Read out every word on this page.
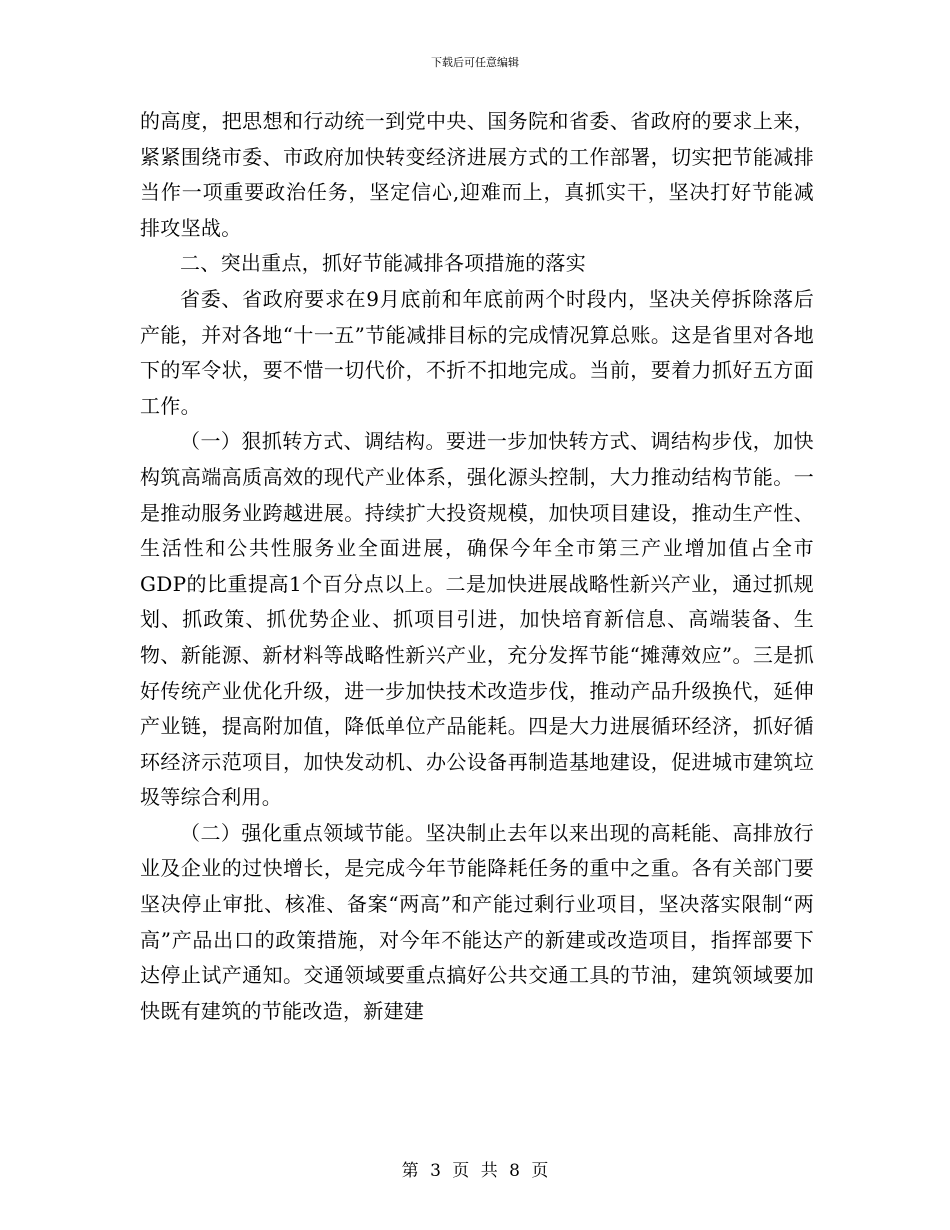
下载后可任意编辑

的高度，把思想和行动统一到党中央、国务院和省委、省政府的要求上来，紧紧围绕市委、市政府加快转变经济进展方式的工作部署，切实把节能减排当作一项重要政治任务，坚定信心,迎难而上，真抓实干，坚决打好节能减排攻坚战。

二、突出重点，抓好节能减排各项措施的落实

省委、省政府要求在9月底前和年底前两个时段内，坚决关停拆除落后产能，并对各地“十一五”节能减排目标的完成情况算总账。这是省里对各地下的军令状，要不惜一切代价，不折不扣地完成。当前，要着力抓好五方面工作。

（一）狠抓转方式、调结构。要进一步加快转方式、调结构步伐，加快构筑高端高质高效的现代产业体系，强化源头控制，大力推动结构节能。一是推动服务业跨越进展。持续扩大投资规模，加快项目建设，推动生产性、生活性和公共性服务业全面进展，确保今年全市第三产业增加值占全市GDP的比重提高1个百分点以上。二是加快进展战略性新兴产业，通过抓规划、抓政策、抓优势企业、抓项目引进，加快培育新信息、高端装备、生物、新能源、新材料等战略性新兴产业，充分发挥节能“摊薄效应”。三是抓好传统产业优化升级，进一步加快技术改造步伐，推动产品升级换代，延伸产业链，提高附加值，降低单位产品能耗。四是大力进展循环经济，抓好循环经济示范项目，加快发动机、办公设备再制造基地建设，促进城市建筑垃圾等综合利用。

（二）强化重点领域节能。坚决制止去年以来出现的高耗能、高排放行业及企业的过快增长，是完成今年节能降耗任务的重中之重。各有关部门要坚决停止审批、核准、备案“两高”和产能过剩行业项目，坚决落实限制“两高”产品出口的政策措施，对今年不能达产的新建或改造项目，指挥部要下达停止试产通知。交通领域要重点搞好公共交通工具的节油，建筑领域要加快既有建筑的节能改造，新建建

第 3 页 共 8 页
